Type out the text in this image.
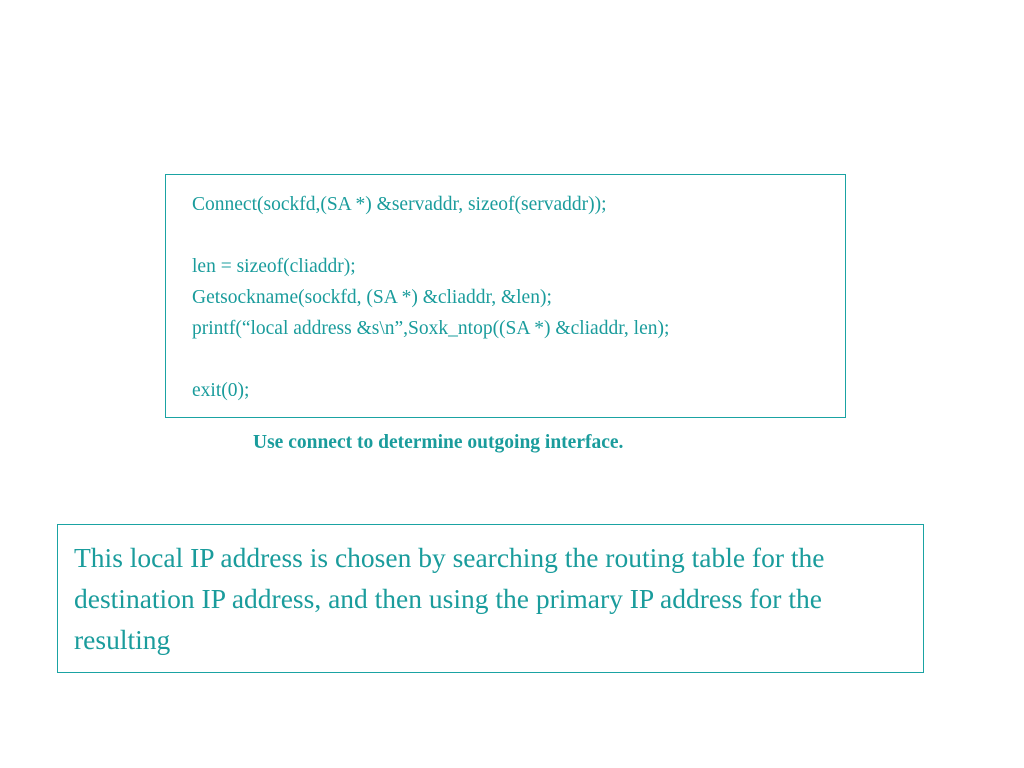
Connect(sockfd,(SA *) &servaddr, sizeof(servaddr));
len = sizeof(cliaddr);
Getsockname(sockfd, (SA *) &cliaddr, &len);
printf(“local address &s\n”,Soxk_ntop((SA *) &cliaddr, len);
exit(0);
Use connect to determine outgoing interface.

This local IP address is chosen by searching the routing table for the destination IP address, and then using the primary IP address for the resulting
